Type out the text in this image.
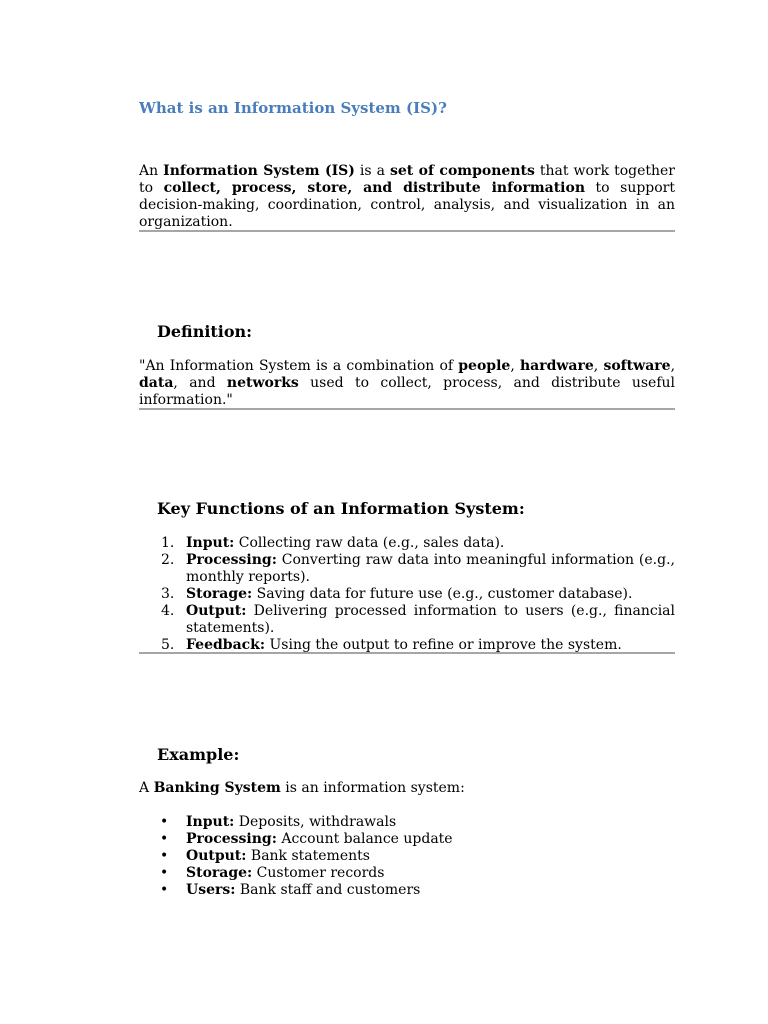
What is an Information System (IS)?

An Information System (IS) is a set of components that work together to collect, process, store, and distribute information to support decision-making, coordination, control, analysis, and visualization in an organization.

Definition:

"An Information System is a combination of people, hardware, software, data, and networks used to collect, process, and distribute useful information."

Key Functions of an Information System:
1. Input: Collecting raw data (e.g., sales data).
2. Processing: Converting raw data into meaningful information (e.g., monthly reports).
3. Storage: Saving data for future use (e.g., customer database).
4. Output: Delivering processed information to users (e.g., financial statements).
5. Feedback: Using the output to refine or improve the system.
Example:

A Banking System is an information system:

• Input: Deposits, withdrawals
• Processing: Account balance update
• Output: Bank statements
• Storage: Customer records
• Users: Bank staff and customers
